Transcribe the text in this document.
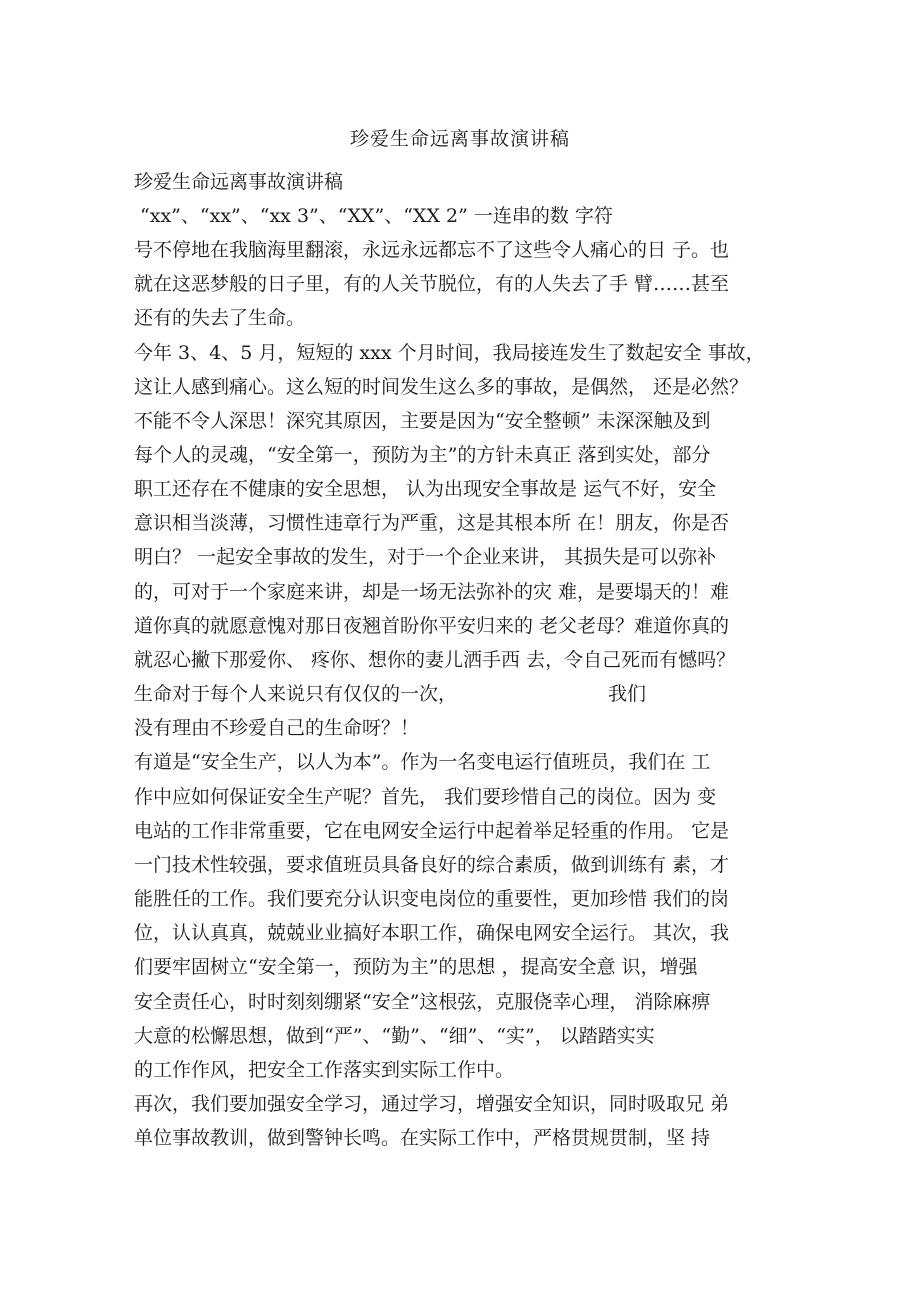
珍爱生命远离事故演讲稿
珍爱生命远离事故演讲稿
“xx”、“xx”、“xx 3”、“XX”、“XX 2” 一连串的数 字符
号不停地在我脑海里翻滚，永远永远都忘不了这些令人痛心的日 子。也
就在这恶梦般的日子里，有的人关节脱位，有的人失去了手 臂……甚至
还有的失去了生命。
今年 3、4、5 月，短短的 xxx 个月时间，我局接连发生了数起安全 事故，
这让人感到痛心。这么短的时间发生这么多的事故，是偶然， 还是必然？
不能不令人深思！深究其原因，主要是因为“安全整顿” 未深深触及到
每个人的灵魂，“安全第一，预防为主”的方针未真正 落到实处，部分
职工还存在不健康的安全思想， 认为出现安全事故是 运气不好，安全
意识相当淡薄，习惯性违章行为严重，这是其根本所 在！朋友，你是否
明白？ 一起安全事故的发生，对于一个企业来讲， 其损失是可以弥补
的，可对于一个家庭来讲，却是一场无法弥补的灾 难，是要塌天的！难
道你真的就愿意愧对那日夜翘首盼你平安归来的 老父老母？难道你真的
就忍心撇下那爱你、 疼你、想你的妻儿洒手西 去，令自己死而有憾吗？
生命对于每个人来说只有仅仅的一次，                         我们
没有理由不珍爱自己的生命呀？！
有道是“安全生产，以人为本”。作为一名变电运行值班员，我们在 工
作中应如何保证安全生产呢？首先， 我们要珍惜自己的岗位。因为 变
电站的工作非常重要，它在电网安全运行中起着举足轻重的作用。 它是
一门技术性较强，要求值班员具备良好的综合素质，做到训练有 素，才
能胜任的工作。我们要充分认识变电岗位的重要性，更加珍惜 我们的岗
位，认认真真，兢兢业业搞好本职工作，确保电网安全运行。 其次，我
们要牢固树立“安全第一，预防为主”的思想 ，提高安全意 识，增强
安全责任心，时时刻刻绷紧“安全”这根弦，克服侥幸心理， 消除麻痹
大意的松懈思想，做到“严”、“勤”、“细”、“实”， 以踏踏实实
的工作作风，把安全工作落实到实际工作中。
再次，我们要加强安全学习，通过学习，增强安全知识，同时吸取兄 弟
单位事故教训，做到警钟长鸣。在实际工作中，严格贯规贯制，坚 持
